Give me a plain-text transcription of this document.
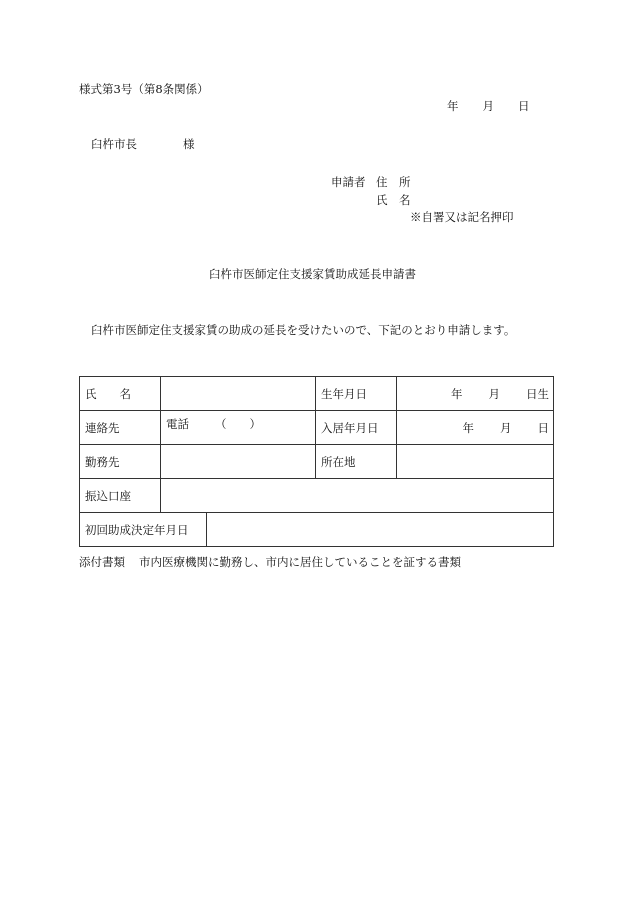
様式第3号（第8条関係）
年 月 日
臼杵市長	様
申請者 住　所
氏　名
※自署又は記名押印
臼杵市医師定住支援家賃助成延長申請書
臼杵市医師定住支援家賃の助成の延長を受けたいので、下記のとおり申請します。
氏　　名			生年月日	年 月 日生
連絡先	電話 （　　）		入居年月日	年 月 日
勤務先			所在地	
振込口座				
初回助成決定年月日				
添付書類 市内医療機関に勤務し、市内に居住していることを証する書類
